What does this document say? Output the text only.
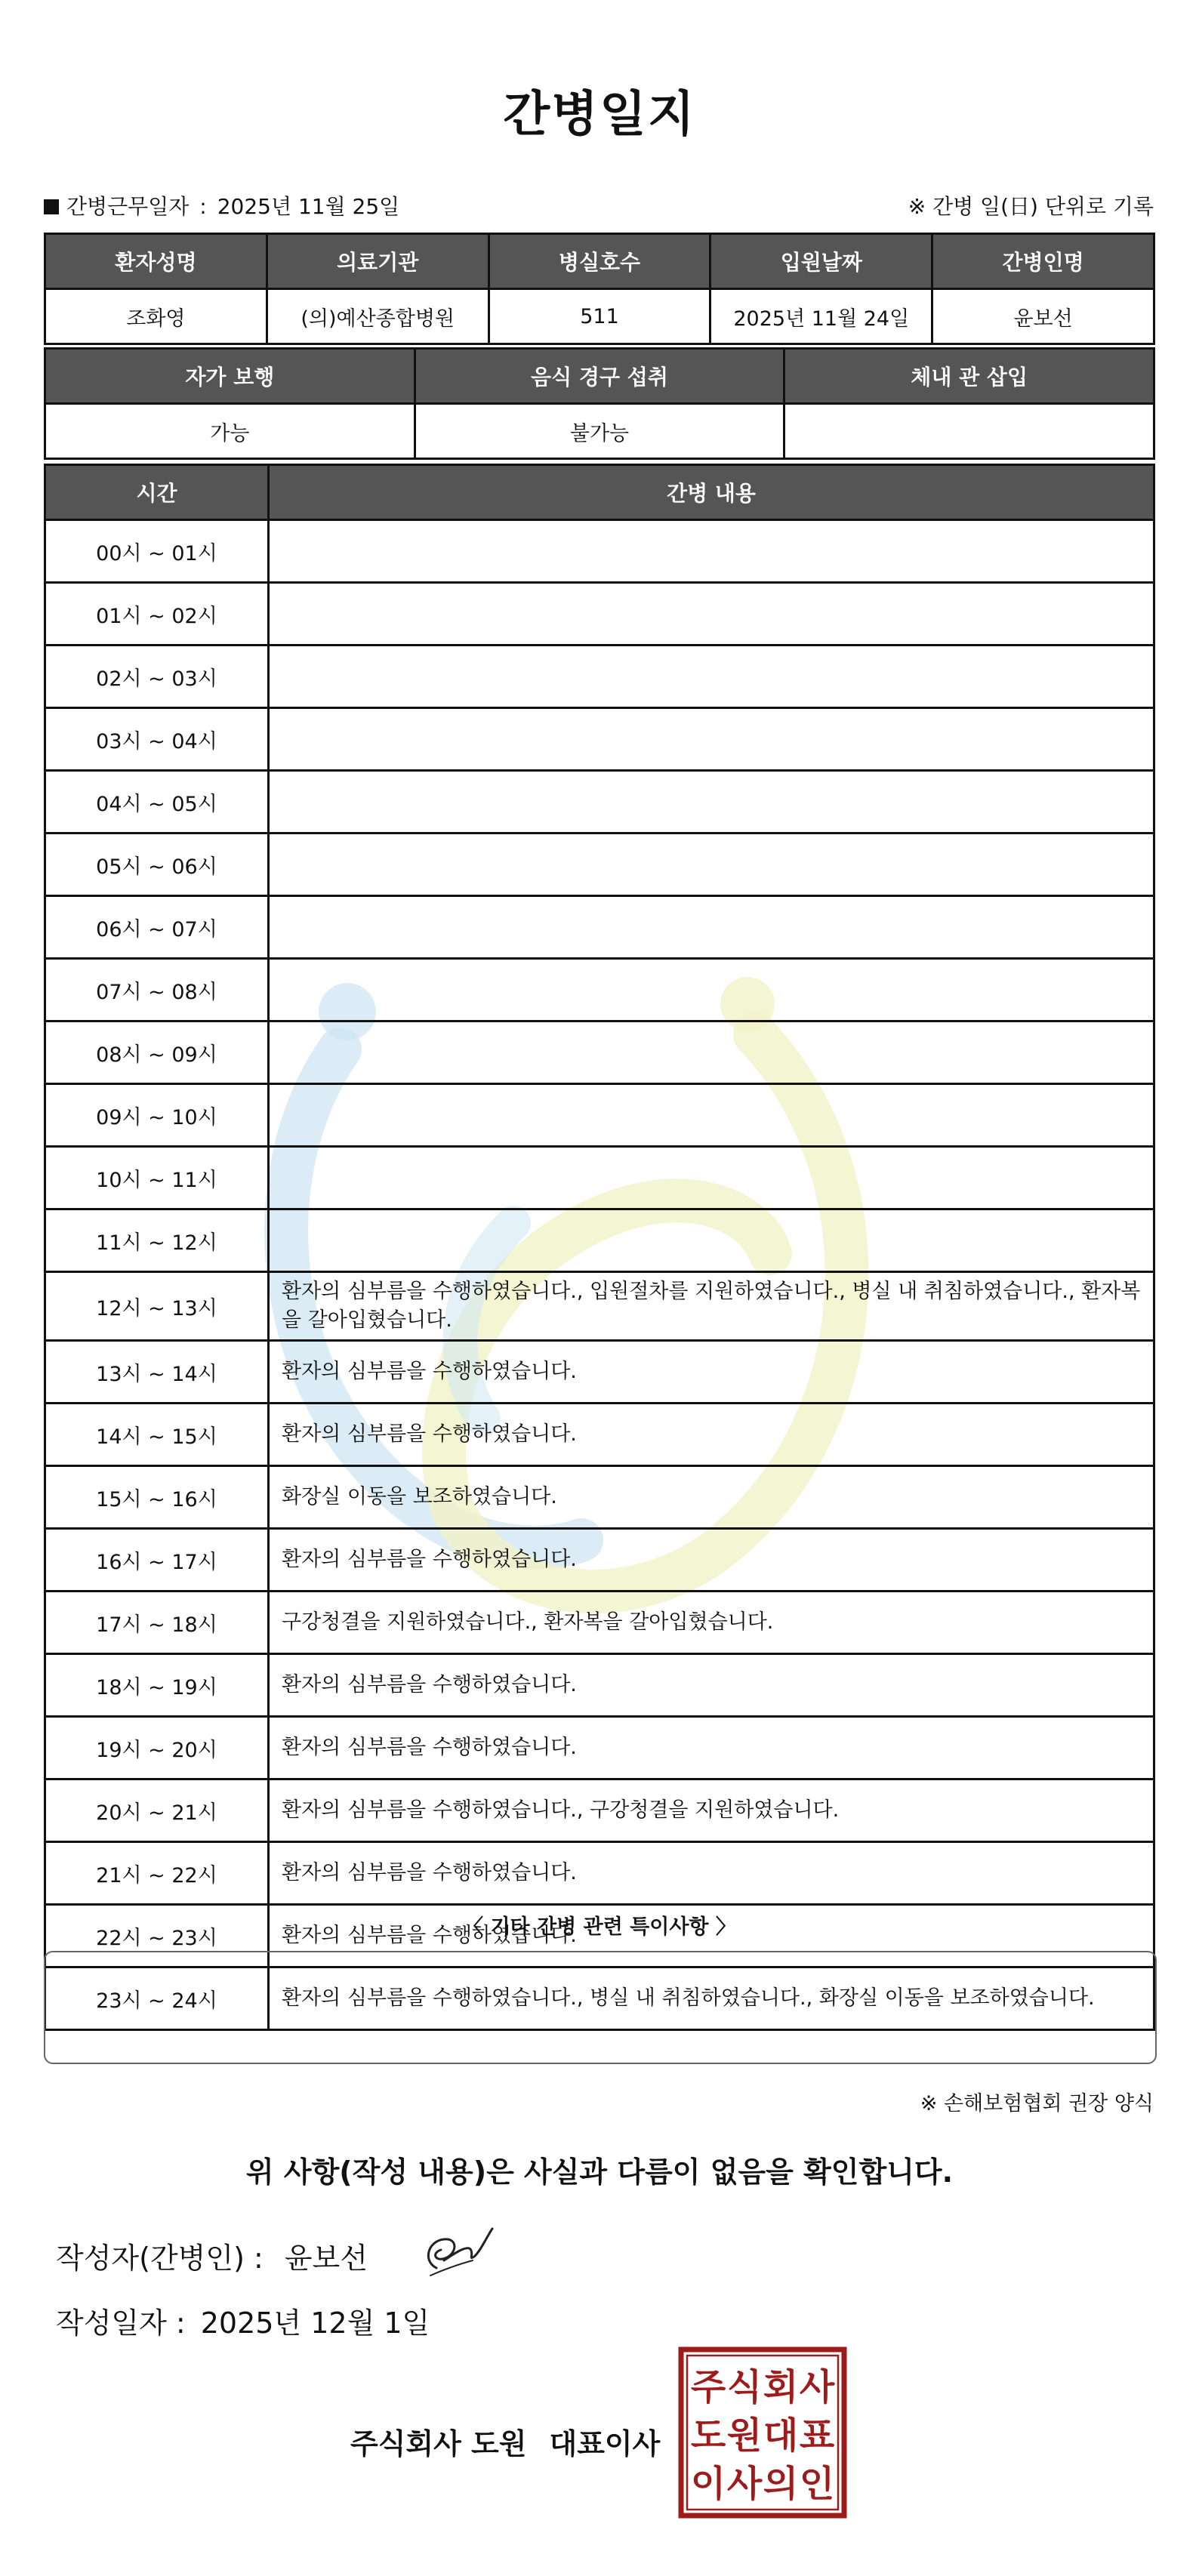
간병일지
간병근무일자 : 2025년 11월 25일	※ 간병 일(日) 단위로 기록
환자성명	의료기관	병실호수	입원날짜	간병인명
조화영	(의)예산종합병원	511	2025년 11월 24일	윤보선
자가 보행	음식 경구 섭취	체내 관 삽입
가능	불가능	
시간	간병 내용
00시 ~ 01시	
01시 ~ 02시	
02시 ~ 03시	
03시 ~ 04시	
04시 ~ 05시	
05시 ~ 06시	
06시 ~ 07시	
07시 ~ 08시	
08시 ~ 09시	
09시 ~ 10시	
10시 ~ 11시	
11시 ~ 12시	
12시 ~ 13시	환자의 심부름을 수행하였습니다., 입원절차를 지원하였습니다., 병실 내 취침하였습니다., 환자복을 갈아입혔습니다.
13시 ~ 14시	환자의 심부름을 수행하였습니다.
14시 ~ 15시	환자의 심부름을 수행하였습니다.
15시 ~ 16시	화장실 이동을 보조하였습니다.
16시 ~ 17시	환자의 심부름을 수행하였습니다.
17시 ~ 18시	구강청결을 지원하였습니다., 환자복을 갈아입혔습니다.
18시 ~ 19시	환자의 심부름을 수행하였습니다.
19시 ~ 20시	환자의 심부름을 수행하였습니다.
20시 ~ 21시	환자의 심부름을 수행하였습니다., 구강청결을 지원하였습니다.
21시 ~ 22시	환자의 심부름을 수행하였습니다.
22시 ~ 23시	환자의 심부름을 수행하였습니다.
23시 ~ 24시	환자의 심부름을 수행하였습니다., 병실 내 취침하였습니다., 화장실 이동을 보조하였습니다.
〈 기타 간병 관련 특이사항 〉
※ 손해보험협회 권장 양식
위 사항(작성 내용)은 사실과 다름이 없음을 확인합니다.
작성자(간병인) : 윤보선
작성일자 : 2025년 12월 1일
주식회사 도원 대표이사
주 식 회 사
도 원 대 표
이 사 의 인
